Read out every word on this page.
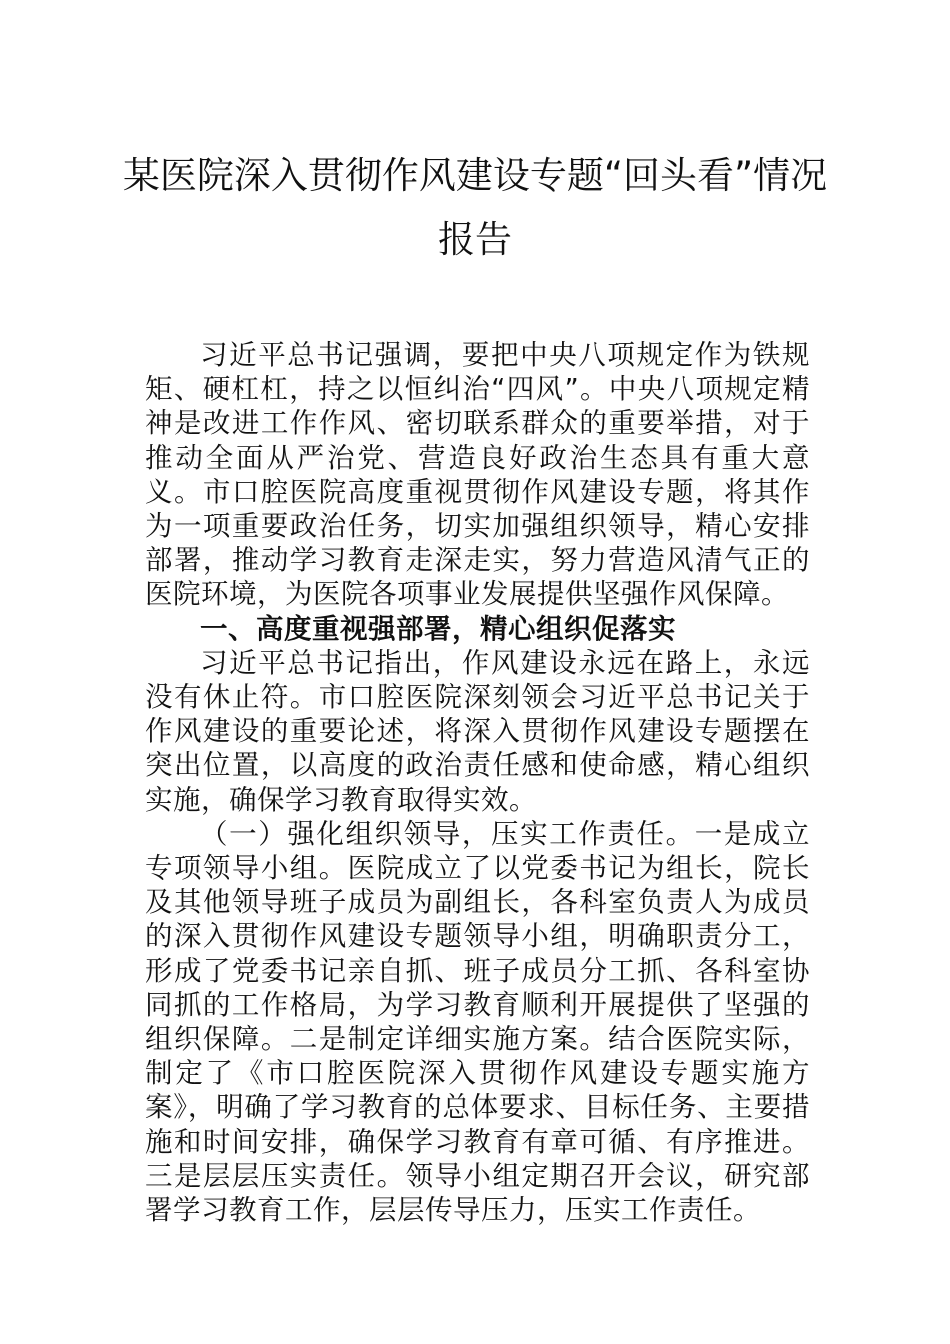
某医院深入贯彻作风建设专题“回头看”情况
报告

习近平总书记强调，要把中央八项规定作为铁规矩、硬杠杠，持之以恒纠治“四风”。中央八项规定精神是改进工作作风、密切联系群众的重要举措，对于推动全面从严治党、营造良好政治生态具有重大意义。市口腔医院高度重视贯彻作风建设专题，将其作为一项重要政治任务，切实加强组织领导，精心安排部署，推动学习教育走深走实，努力营造风清气正的医院环境，为医院各项事业发展提供坚强作风保障。

一、高度重视强部署，精心组织促落实

习近平总书记指出，作风建设永远在路上，永远没有休止符。市口腔医院深刻领会习近平总书记关于作风建设的重要论述，将深入贯彻作风建设专题摆在突出位置，以高度的政治责任感和使命感，精心组织实施，确保学习教育取得实效。

（一）强化组织领导，压实工作责任。一是成立专项领导小组。医院成立了以党委书记为组长，院长及其他领导班子成员为副组长，各科室负责人为成员的深入贯彻作风建设专题领导小组，明确职责分工，形成了党委书记亲自抓、班子成员分工抓、各科室协同抓的工作格局，为学习教育顺利开展提供了坚强的组织保障。二是制定详细实施方案。结合医院实际，制定了《市口腔医院深入贯彻作风建设专题实施方案》，明确了学习教育的总体要求、目标任务、主要措施和时间安排，确保学习教育有章可循、有序推进。三是层层压实责任。领导小组定期召开会议，研究部署学习教育工作，层层传导压力，压实工作责任。
